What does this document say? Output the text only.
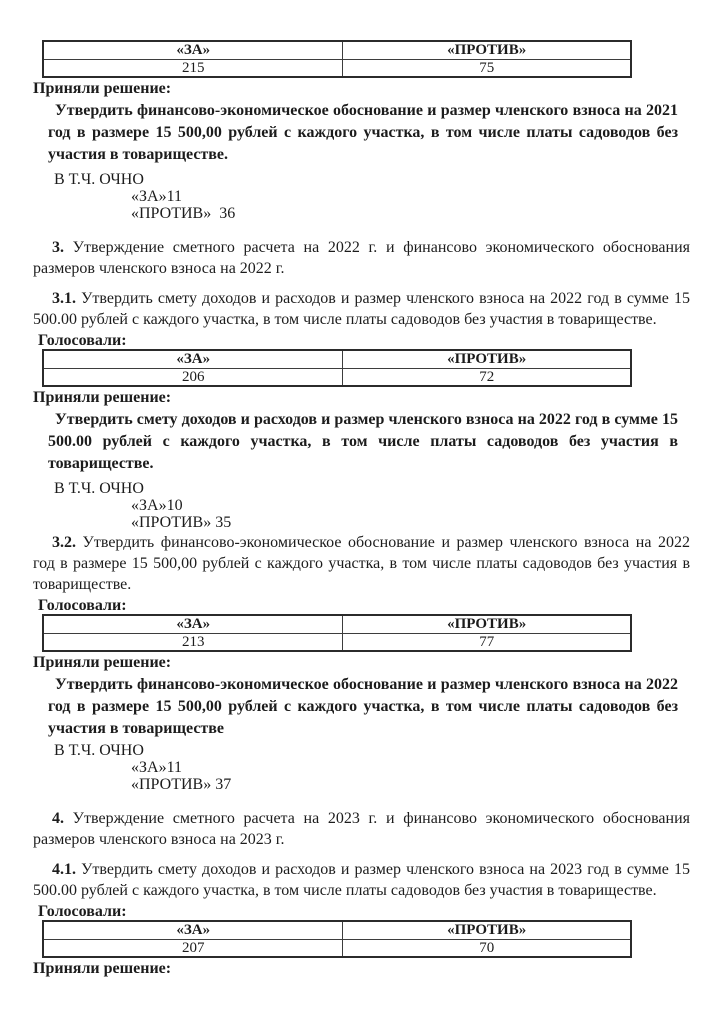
«ЗА»	«ПРОТИВ»
215	75
Приняли решение:

Утвердить финансово-экономическое обоснование и размер членского взноса на 2021 год в размере 15 500,00 рублей с каждого участка, в том числе платы садоводов без участия в товариществе.

В Т.Ч. ОЧНО
«ЗА»11
«ПРОТИВ»  36

3. Утверждение сметного расчета на 2022 г. и финансово экономического обоснования размеров членского взноса на 2022 г.

3.1. Утвердить смету доходов и расходов и размер членского взноса на 2022 год в сумме 15 500.00 рублей с каждого участка, в том числе платы садоводов без участия в товариществе.

Голосовали:
«ЗА»	«ПРОТИВ»
206	72
Приняли решение:

Утвердить смету доходов и расходов и размер членского взноса на 2022 год в сумме 15 500.00 рублей с каждого участка, в том числе платы садоводов без участия в товариществе.

В Т.Ч. ОЧНО
«ЗА»10
«ПРОТИВ» 35

3.2. Утвердить финансово-экономическое обоснование и размер членского взноса на 2022 год в размере 15 500,00 рублей с каждого участка, в том числе платы садоводов без участия в товариществе.

Голосовали:
«ЗА»	«ПРОТИВ»
213	77
Приняли решение:

Утвердить финансово-экономическое обоснование и размер членского взноса на 2022 год в размере 15 500,00 рублей с каждого участка, в том числе платы садоводов без участия в товариществе

В Т.Ч. ОЧНО
«ЗА»11
«ПРОТИВ» 37

4. Утверждение сметного расчета на 2023 г. и финансово экономического обоснования размеров членского взноса на 2023 г.

4.1. Утвердить смету доходов и расходов и размер членского взноса на 2023 год в сумме 15 500.00 рублей с каждого участка, в том числе платы садоводов без участия в товариществе.

Голосовали:
«ЗА»	«ПРОТИВ»
207	70
Приняли решение:
